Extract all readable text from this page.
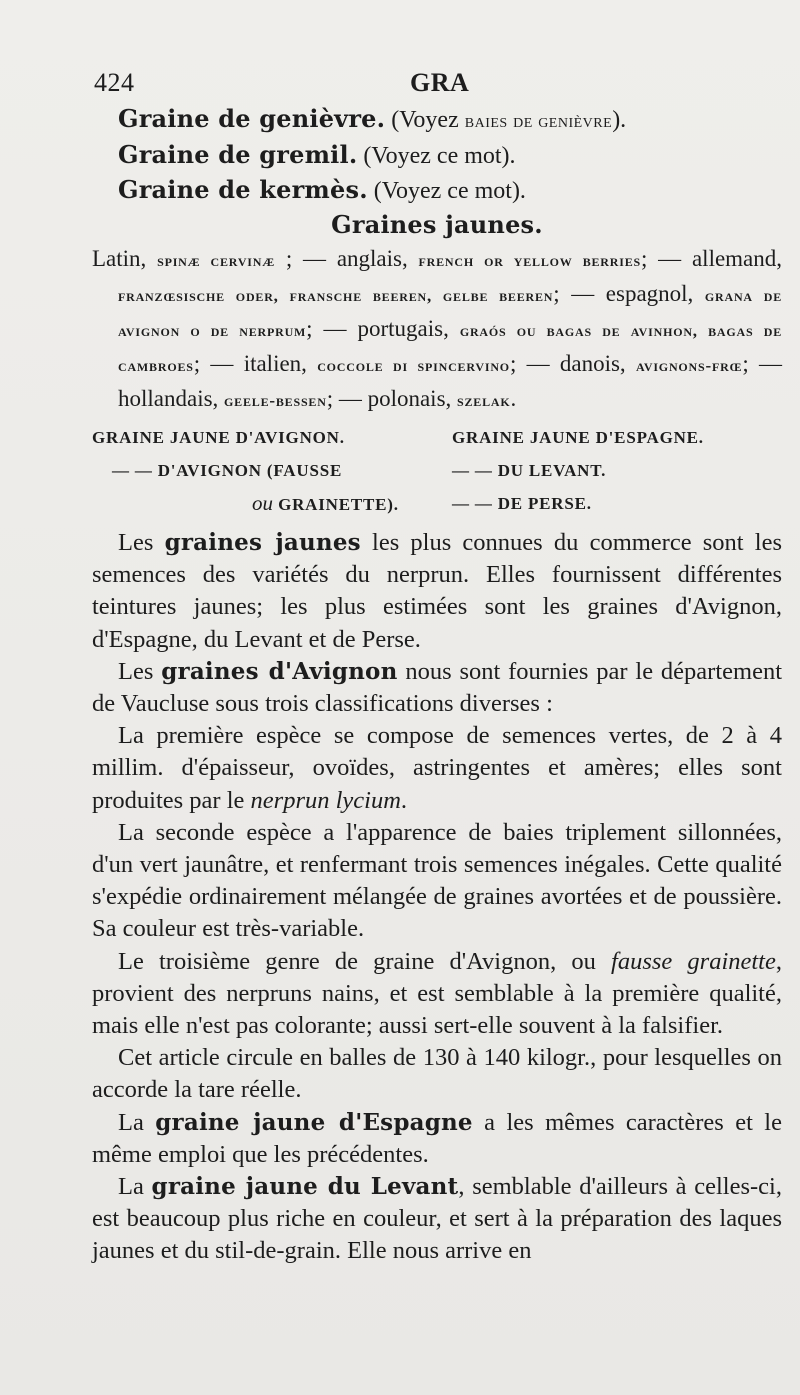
424	GRA
Graine de genièvre. (Voyez baies de genièvre).
Graine de gremil. (Voyez ce mot).
Graine de kermès. (Voyez ce mot).
Graines jaunes.

Latin, spinæ cervinæ ; — anglais, french or yellow berries; — allemand, franzœsische oder, fransche beeren, gelbe beeren; — espagnol, grana de avignon o de nerprum; — portugais, graós ou bagas de avinhon, bagas de cambroes; — italien, coccole di spincervino; — danois, avignons-frœ; — hollandais, geele-bessen; — polonais, szelak.

GRAINE JAUNE D'AVIGNON.	GRAINE JAUNE D'ESPAGNE.
— — D'AVIGNON (FAUSSE	— — DU LEVANT.
ou GRAINETTE).	— — DE PERSE.

Les graines jaunes les plus connues du commerce sont les semences des variétés du nerprun. Elles fournissent différentes teintures jaunes; les plus estimées sont les graines d'Avignon, d'Espagne, du Levant et de Perse.

Les graines d'Avignon nous sont fournies par le département de Vaucluse sous trois classifications diverses :

La première espèce se compose de semences vertes, de 2 à 4 millim. d'épaisseur, ovoïdes, astringentes et amères; elles sont produites par le nerprun lycium.

La seconde espèce a l'apparence de baies triplement sillonnées, d'un vert jaunâtre, et renfermant trois semences inégales. Cette qualité s'expédie ordinairement mélangée de graines avortées et de poussière. Sa couleur est très-variable.

Le troisième genre de graine d'Avignon, ou fausse grainette, provient des nerpruns nains, et est semblable à la première qualité, mais elle n'est pas colorante; aussi sert-elle souvent à la falsifier.

Cet article circule en balles de 130 à 140 kilogr., pour lesquelles on accorde la tare réelle.

La graine jaune d'Espagne a les mêmes caractères et le même emploi que les précédentes.

La graine jaune du Levant, semblable d'ailleurs à celles-ci, est beaucoup plus riche en couleur, et sert à la préparation des laques jaunes et du stil-de-grain. Elle nous arrive en
